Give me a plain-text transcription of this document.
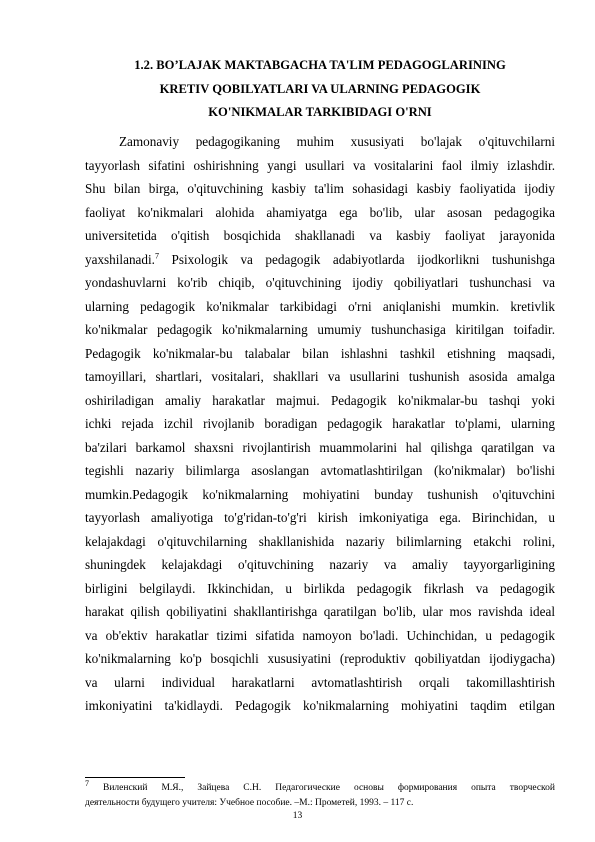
1.2. BO’LAJAK MAKTABGACHA TA'LIM PEDAGOGLARINING
KRETIV QOBILYATLARI VA ULARNING PEDAGOGIK
KO'NIKMALAR TARKIBIDAGI O'RNI
Zamonaviy pedagogikaning muhim xususiyati bo'lajak o'qituvchilarni
tayyorlash sifatini oshirishning yangi usullari va vositalarini faol ilmiy izlashdir.
Shu bilan birga, o'qituvchining kasbiy ta'lim sohasidagi kasbiy faoliyatida ijodiy
faoliyat ko'nikmalari alohida ahamiyatga ega bo'lib, ular asosan pedagogika
universitetida o'qitish bosqichida shakllanadi va kasbiy faoliyat jarayonida
yaxshilanadi.$^7$ Psixologik va pedagogik adabiyotlarda ijodkorlikni tushunishga
yondashuvlarni ko'rib chiqib, o'qituvchining ijodiy qobiliyatlari tushunchasi va
ularning pedagogik ko'nikmalar tarkibidagi o'rni aniqlanishi mumkin. kretivlik
ko'nikmalar pedagogik ko'nikmalarning umumiy tushunchasiga kiritilgan toifadir.
Pedagogik ko'nikmalar-bu talabalar bilan ishlashni tashkil etishning maqsadi,
tamoyillari, shartlari, vositalari, shakllari va usullarini tushunish asosida amalga
oshiriladigan amaliy harakatlar majmui. Pedagogik ko'nikmalar-bu tashqi yoki
ichki rejada izchil rivojlanib boradigan pedagogik harakatlar to'plami, ularning
ba'zilari barkamol shaxsni rivojlantirish muammolarini hal qilishga qaratilgan va
tegishli nazariy bilimlarga asoslangan avtomatlashtirilgan (ko'nikmalar) bo'lishi
mumkin.Pedagogik ko'nikmalarning mohiyatini bunday tushunish o'qituvchini
tayyorlash amaliyotiga to'g'ridan-to'g'ri kirish imkoniyatiga ega. Birinchidan, u
kelajakdagi o'qituvchilarning shakllanishida nazariy bilimlarning etakchi rolini,
shuningdek kelajakdagi o'qituvchining nazariy va amaliy tayyorgarligining
birligini belgilaydi. Ikkinchidan, u birlikda pedagogik fikrlash va pedagogik
harakat qilish qobiliyatini shakllantirishga qaratilgan bo'lib, ular mos ravishda ideal
va ob'ektiv harakatlar tizimi sifatida namoyon bo'ladi. Uchinchidan, u pedagogik
ko'nikmalarning ko'p bosqichli xususiyatini (reproduktiv qobiliyatdan ijodiygacha)
va ularni individual harakatlarni avtomatlashtirish orqali takomillashtirish
imkoniyatini ta'kidlaydi. Pedagogik ko'nikmalarning mohiyatini taqdim etilgan
$^7$ Виленский М.Я., Зайцева С.Н. Педагогические основы формирования опыта творческой
деятельности будущего учителя: Учебное пособие. –М.: Прометей, 1993. – 117 с.
13
